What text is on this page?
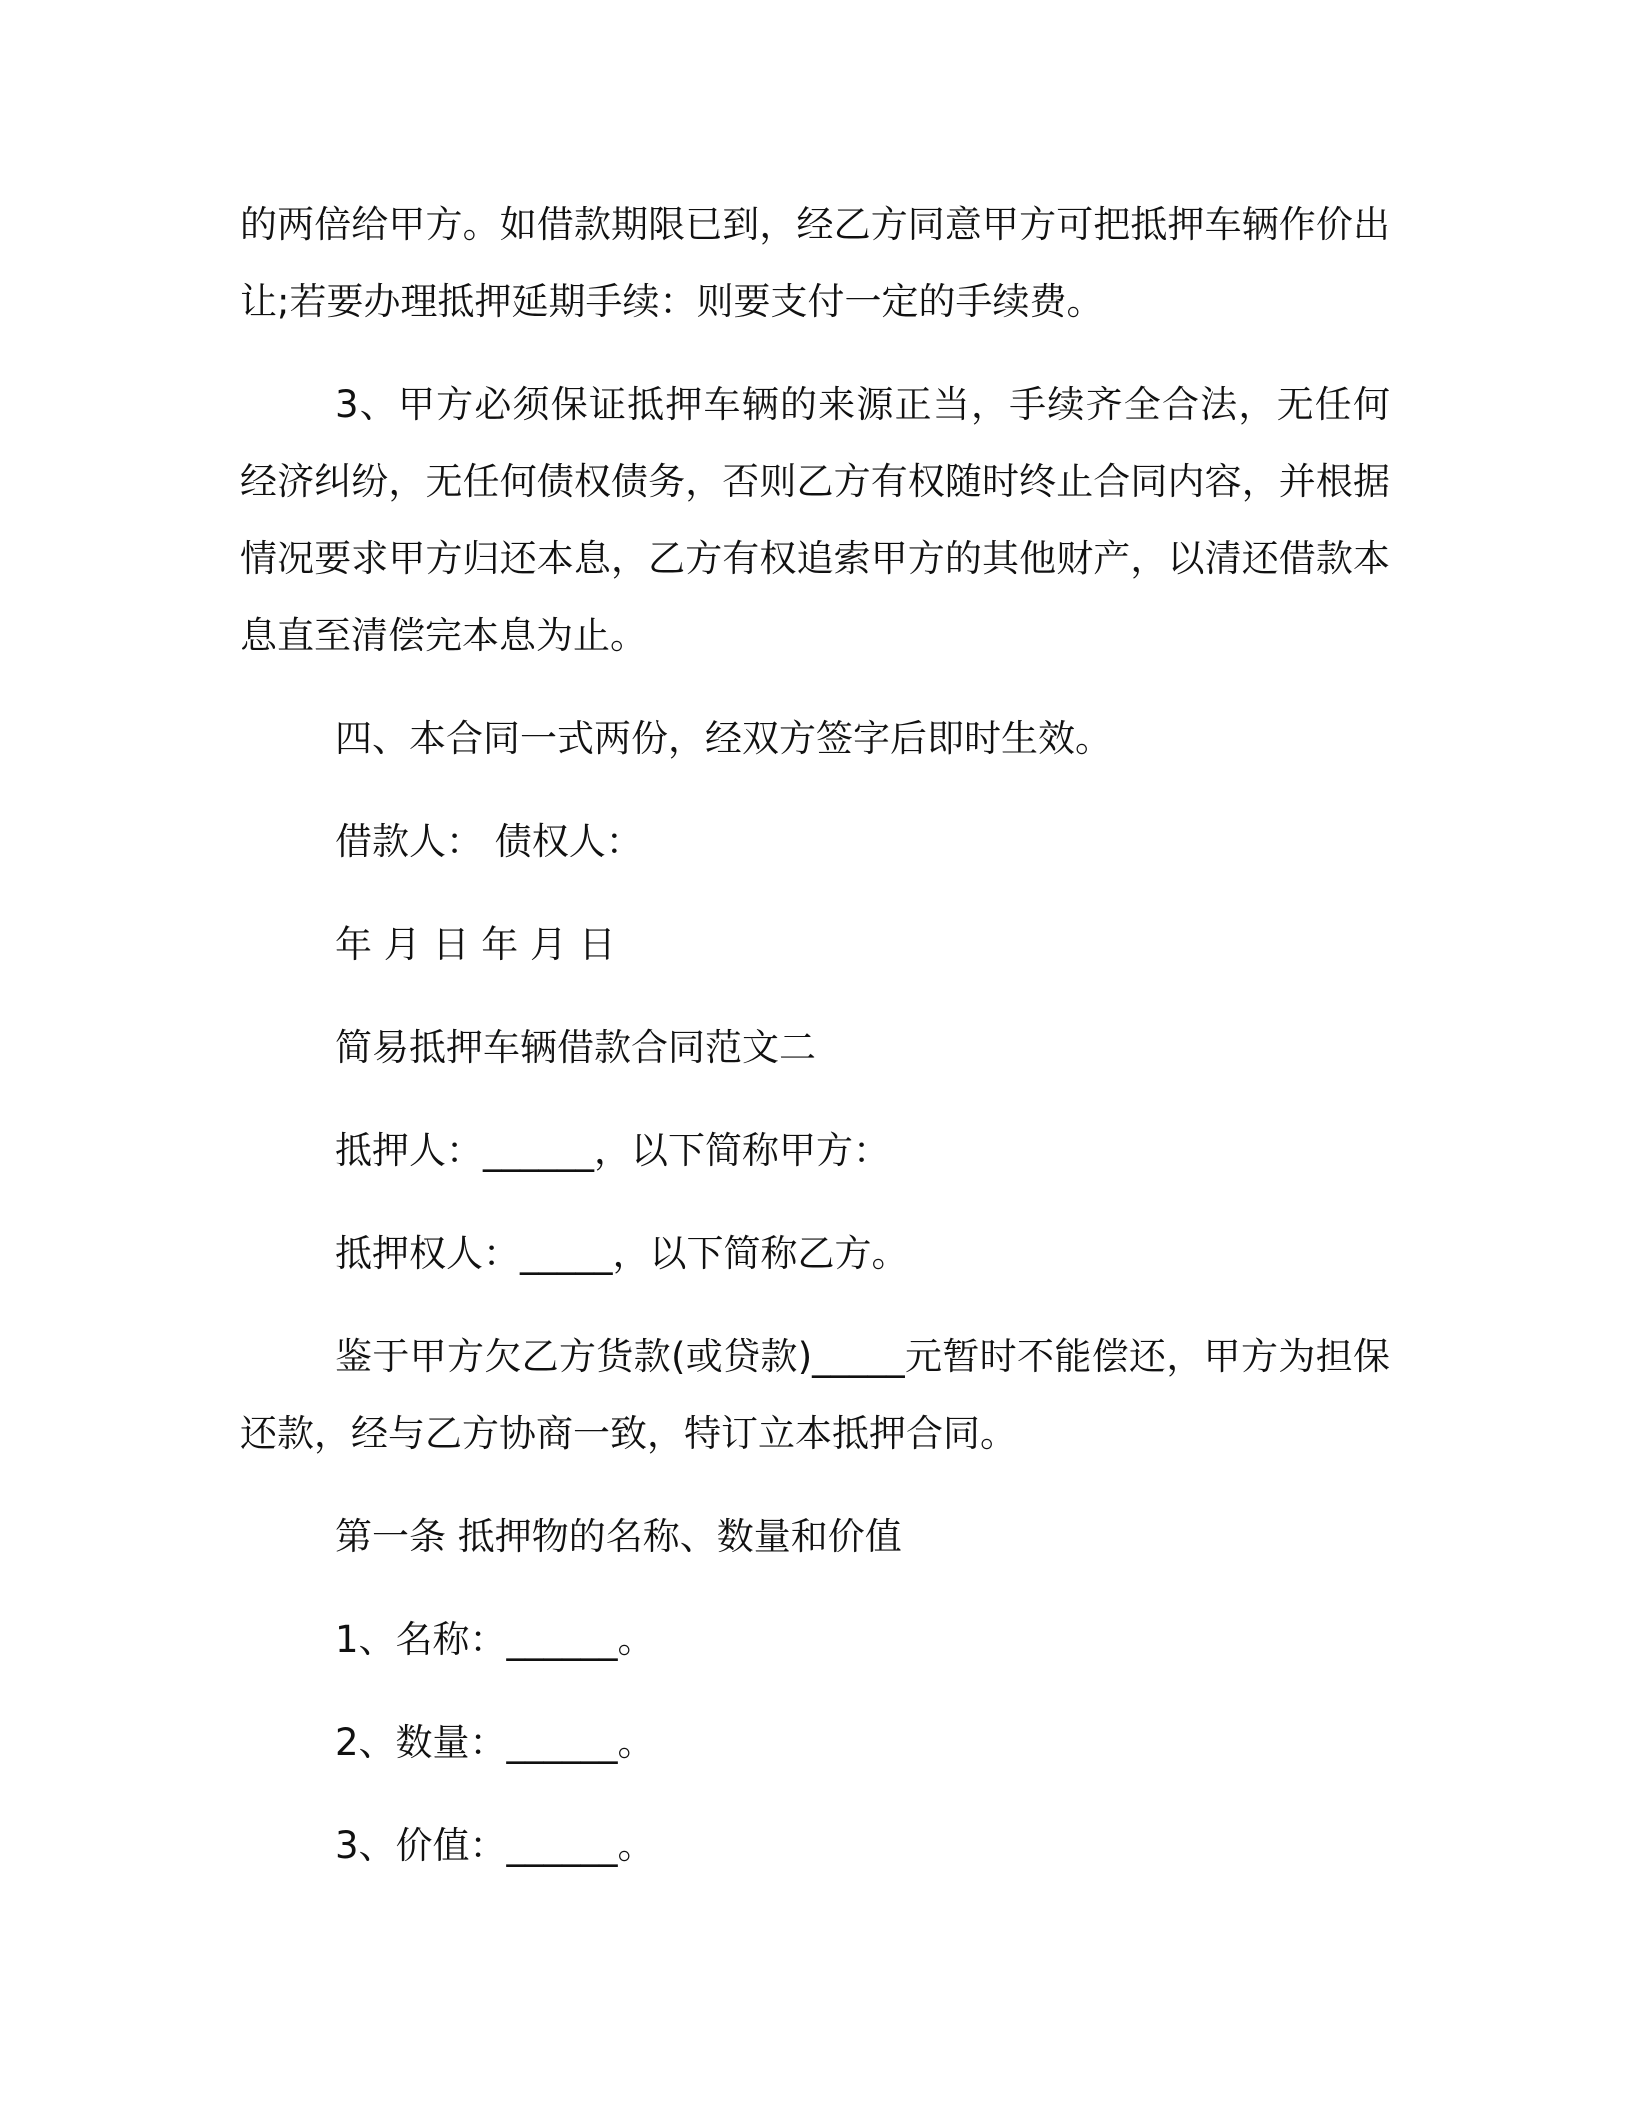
的两倍给甲方。如借款期限已到，经乙方同意甲方可把抵押车辆作价出让;若要办理抵押延期手续：则要支付一定的手续费。

3、甲方必须保证抵押车辆的来源正当，手续齐全合法，无任何经济纠纷，无任何债权债务，否则乙方有权随时终止合同内容，并根据情况要求甲方归还本息，乙方有权追索甲方的其他财产，以清还借款本息直至清偿完本息为止。

四、本合同一式两份，经双方签字后即时生效。

借款人： 债权人：

年 月 日 年 月 日

简易抵押车辆借款合同范文二

抵押人：______，以下简称甲方：

抵押权人：_____，以下简称乙方。

鉴于甲方欠乙方货款(或贷款)_____元暂时不能偿还，甲方为担保还款，经与乙方协商一致，特订立本抵押合同。

第一条 抵押物的名称、数量和价值

1、名称：______。

2、数量：______。

3、价值：______。
